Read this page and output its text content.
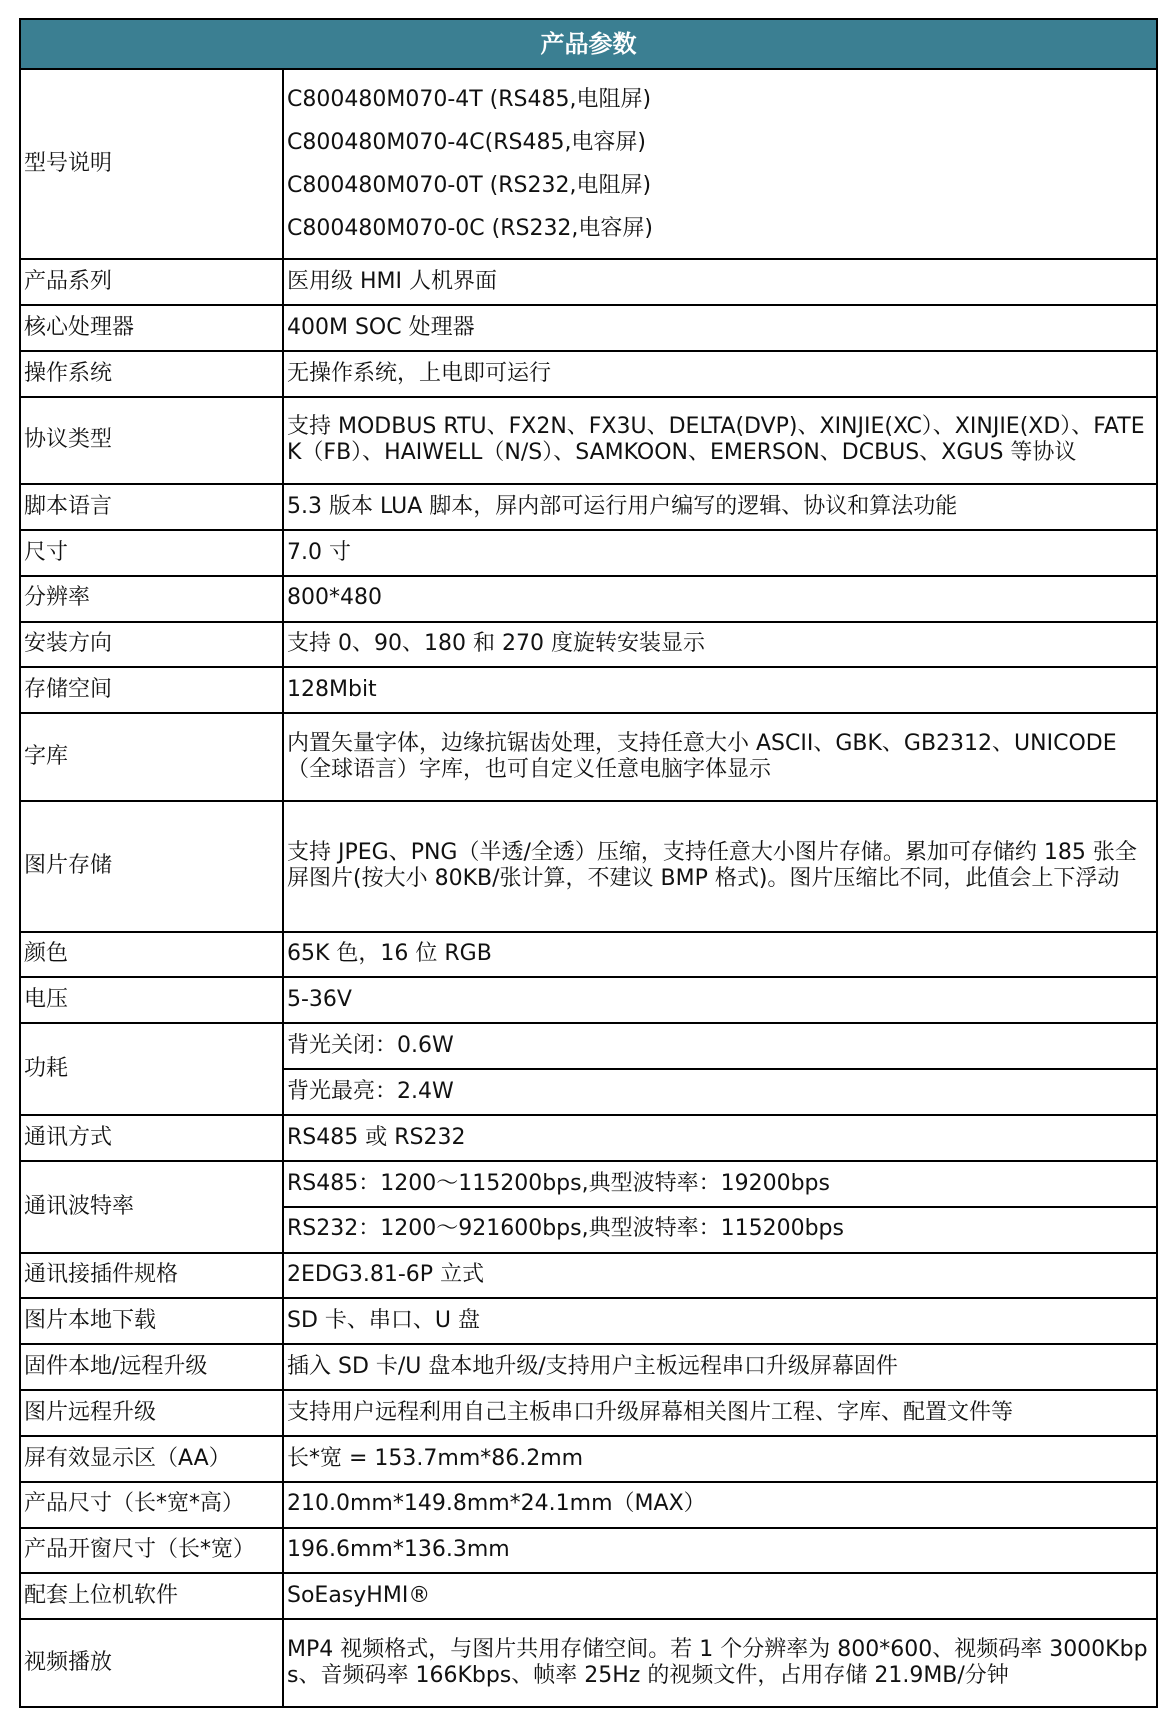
产品参数	
型号说明	C800480M070-4T (RS485,电阻屏)
C800480M070-4C(RS485,电容屏)
C800480M070-0T (RS232,电阻屏)
C800480M070-0C (RS232,电容屏)

产品系列	医用级 HMI 人机界面
核心处理器	400M SOC 处理器
操作系统	无操作系统，上电即可运行
协议类型	支持 MODBUS RTU、FX2N、FX3U、DELTA(DVP)、XINJIE(XC）、XINJIE(XD）、FATEK（FB）、HAIWELL（N/S）、SAMKOON、EMERSON、DCBUS、XGUS 等协议
脚本语言	5.3 版本 LUA 脚本，屏内部可运行用户编写的逻辑、协议和算法功能
尺寸	7.0 寸
分辨率	800*480
安装方向	支持 0、90、180 和 270 度旋转安装显示
存储空间	128Mbit
字库	内置矢量字体，边缘抗锯齿处理，支持任意大小 ASCII、GBK、GB2312、UNICODE（全球语言）字库，也可自定义任意电脑字体显示
图片存储	支持 JPEG、PNG（半透/全透）压缩，支持任意大小图片存储。累加可存储约 185 张全屏图片(按大小 80KB/张计算，不建议 BMP 格式)。图片压缩比不同，此值会上下浮动
颜色	65K 色，16 位 RGB
电压	5-36V
功耗	背光关闭：0.6W
	背光最亮：2.4W
通讯方式	RS485 或 RS232
通讯波特率	RS485：1200～115200bps,典型波特率：19200bps
	RS232：1200～921600bps,典型波特率：115200bps
通讯接插件规格	2EDG3.81-6P 立式
图片本地下载	SD 卡、串口、U 盘
固件本地/远程升级	插入 SD 卡/U 盘本地升级/支持用户主板远程串口升级屏幕固件
图片远程升级	支持用户远程利用自己主板串口升级屏幕相关图片工程、字库、配置文件等
屏有效显示区（AA）	长*宽 = 153.7mm*86.2mm
产品尺寸（长*宽*高）	210.0mm*149.8mm*24.1mm（MAX）
产品开窗尺寸（长*宽）	196.6mm*136.3mm
配套上位机软件	SoEasyHMI®
视频播放	MP4 视频格式，与图片共用存储空间。若 1 个分辨率为 800*600、视频码率 3000Kbps、音频码率 166Kbps、帧率 25Hz 的视频文件，占用存储 21.9MB/分钟
